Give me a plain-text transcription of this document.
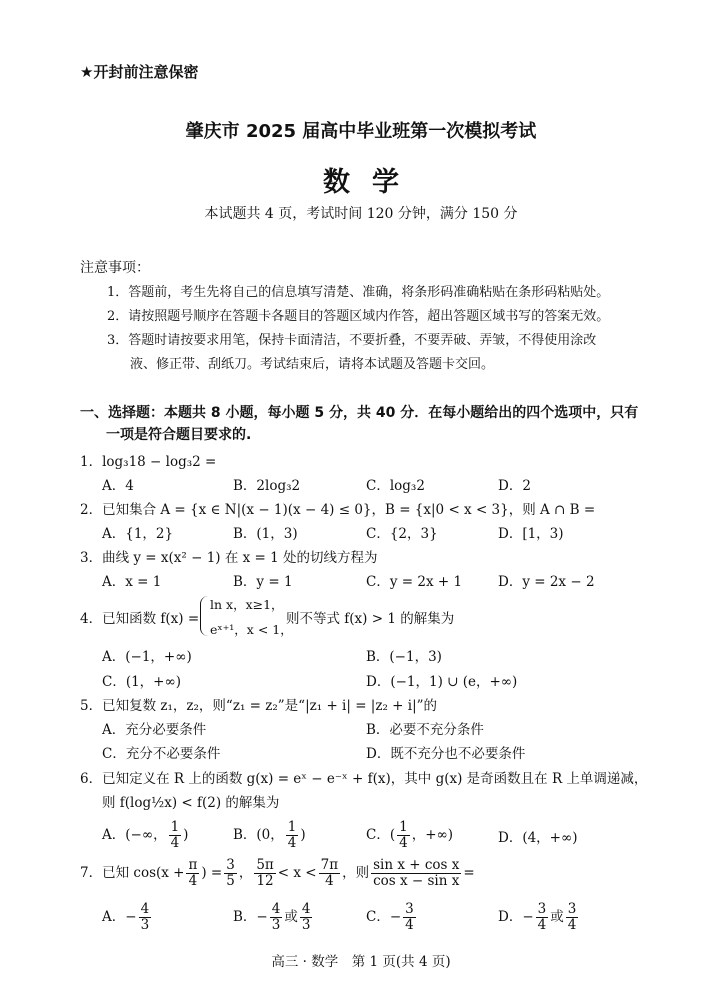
★开封前注意保密
肇庆市 2025 届高中毕业班第一次模拟考试
数学
本试题共 4 页，考试时间 120 分钟，满分 150 分
注意事项：
1．答题前，考生先将自己的信息填写清楚、准确，将条形码准确粘贴在条形码粘贴处。
2．请按照题号顺序在答题卡各题目的答题区域内作答，超出答题区域书写的答案无效。
3．答题时请按要求用笔，保持卡面清洁，不要折叠，不要弄破、弄皱，不得使用涂改
液、修正带、刮纸刀。考试结束后，请将本试题及答题卡交回。
一、选择题：本题共 8 小题，每小题 5 分，共 40 分．在每小题给出的四个选项中，只有
一项是符合题目要求的.
1．log₃18 − log₃2 =
A．4	B．2log₃2	C．log₃2	D．2
2．已知集合 A = {x ∈ N|(x − 1)(x − 4) ≤ 0}，B = {x|0 < x < 3}，则 A ∩ B =
A．{1，2}	B．(1，3)	C．{2，3}	D．[1，3)
3．曲线 y = x(x² − 1) 在 x = 1 处的切线方程为
A．x = 1	B．y = 1	C．y = 2x + 1	D．y = 2x − 2
4．已知函数 f(x) =
ln x，x≥1，
eˣ⁺¹，x < 1，
则不等式 f(x) > 1 的解集为
A．(−1，+∞)	B．(−1，3)
C．(1，+∞)	D．(−1，1) ∪ (e，+∞)
5．已知复数 z₁，z₂，则“z₁ = z₂”是“|z₁ + i| = |z₂ + i|”的
A．充分必要条件	B．必要不充分条件
C．充分不必要条件	D．既不充分也不必要条件
6．已知定义在 R 上的函数 g(x) = eˣ − e⁻ˣ + f(x)，其中 g(x) 是奇函数且在 R 上单调递减，
则 f(log½x) < f(2) 的解集为
A．(−∞， $\frac{1}{4}$ )	B．(0， $\frac{1}{4}$ )	C．( $\frac{1}{4}$ ，+∞)	D．(4，+∞)
7．已知 $\cos(x + \frac{\pi}{4}$ ) = $\frac{3}{5}$ ， $\frac{5\pi}{12} < x < \frac{7\pi}{4}$ ，则 $\frac{\text{sin x + cos x}}{\text{cos x − sin x}}$ =
A．− $\frac{4}{3}$	B．− $\frac{4}{3}$ 或 $\frac{4}{3}$	C．− $\frac{3}{4}$	D．− $\frac{3}{4}$ 或 $\frac{3}{4}$
高三 · 数学　第 1 页(共 4 页)
